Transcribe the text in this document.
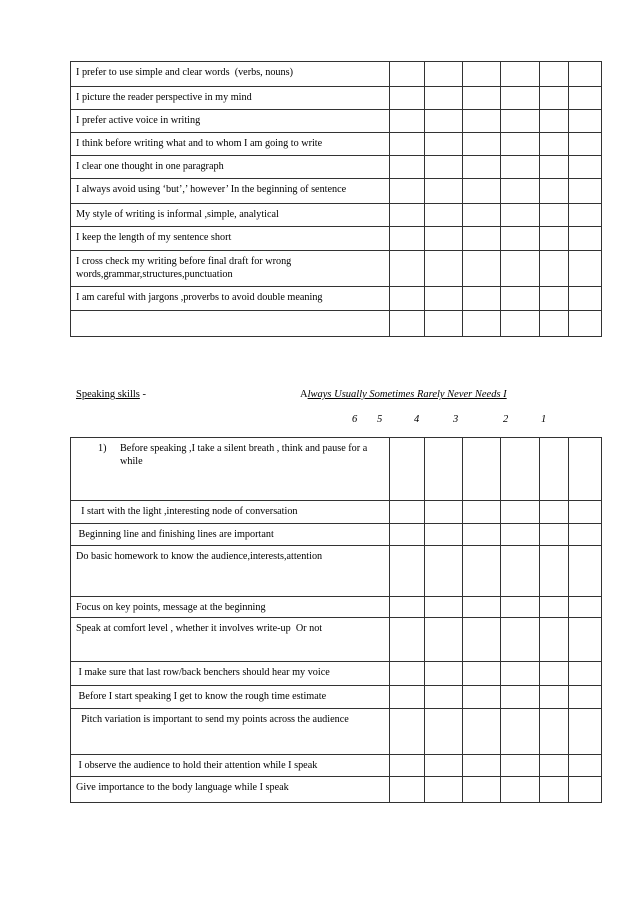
I prefer to use simple and clear words  (verbs, nouns)						
I picture the reader perspective in my mind						
I prefer active voice in writing						
I think before writing what and to whom I am going to write						
I clear one thought in one paragraph						
I always avoid using ‘but’,’ however’ In the beginning of sentence						
My style of writing is informal ,simple, analytical						
I keep the length of my sentence short						
I cross check my writing before final draft for wrong words,grammar,structures,punctuation						
I am careful with jargons ,proverbs to avoid double meaning						

Speaking skills -	Always Usually Sometimes Rarely Never Needs I
6 5	4	3	2	1
1) Before speaking ,I take a silent breath , think and pause for a while						

I start with the light ,interesting node of conversation						
Beginning line and finishing lines are important						
Do basic homework to know the audience,interests,attention						
Focus on key points, message at the beginning						
Speak at comfort level , whether it involves write-up  Or not						
I make sure that last row/back benchers should hear my voice						
Before I start speaking I get to know the rough time estimate						
Pitch variation is important to send my points across the audience						
I observe the audience to hold their attention while I speak						
Give importance to the body language while I speak						
